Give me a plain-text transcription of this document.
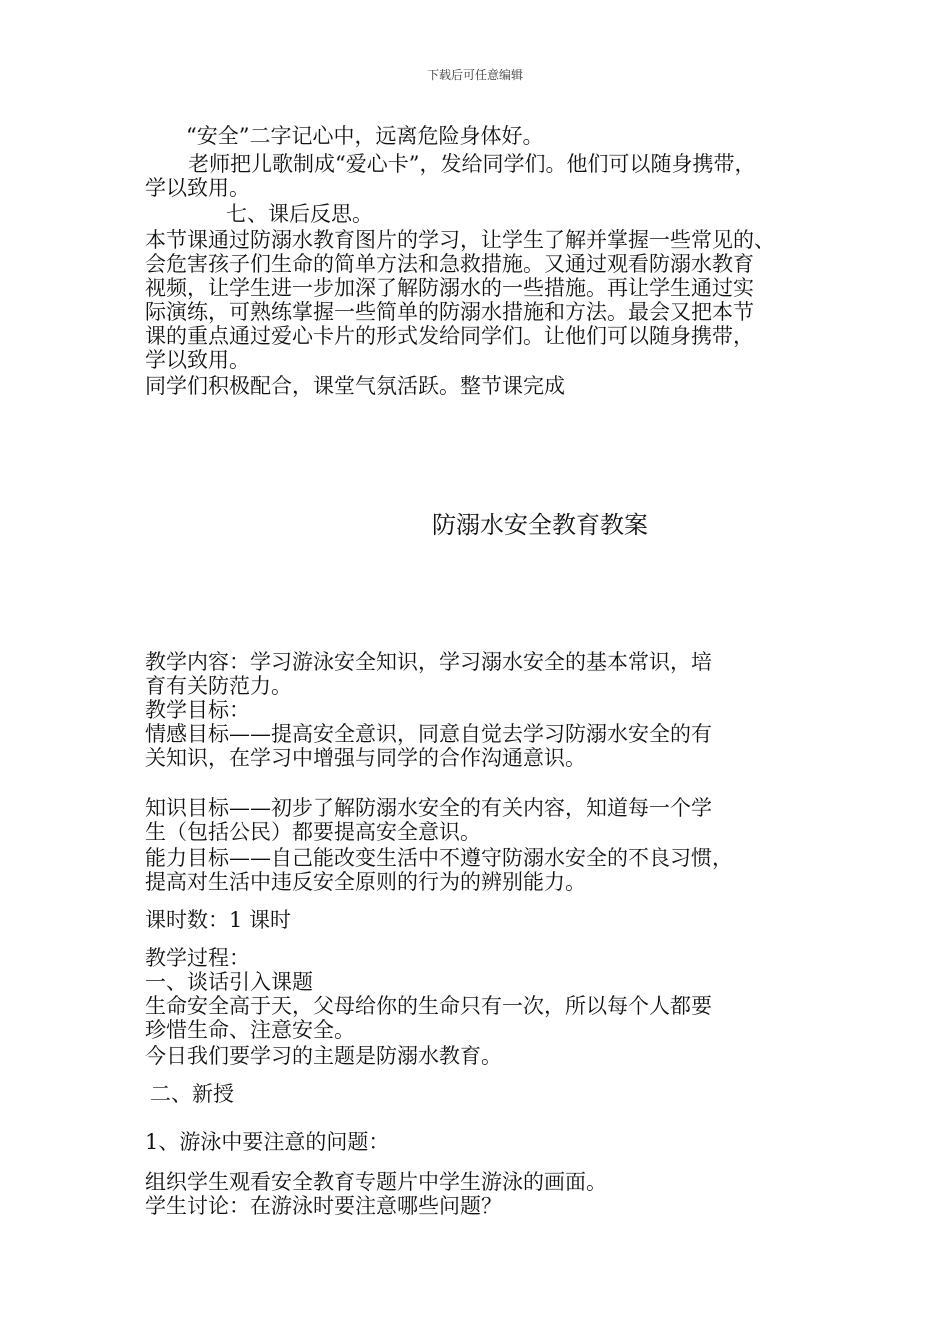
下载后可任意编辑
“安全”二字记心中，远离危险身体好。
老师把儿歌制成“爱心卡”，发给同学们。他们可以随身携带，
学以致用。
七、课后反思。
本节课通过防溺水教育图片的学习，让学生了解并掌握一些常见的、
会危害孩子们生命的简单方法和急救措施。又通过观看防溺水教育
视频，让学生进一步加深了解防溺水的一些措施。再让学生通过实
际演练，可熟练掌握一些简单的防溺水措施和方法。最会又把本节
课的重点通过爱心卡片的形式发给同学们。让他们可以随身携带，
学以致用。
同学们积极配合，课堂气氛活跃。整节课完成
防溺水安全教育教案
教学内容：学习游泳安全知识，学习溺水安全的基本常识，培
育有关防范力。
教学目标：
情感目标——提高安全意识，同意自觉去学习防溺水安全的有
关知识，在学习中增强与同学的合作沟通意识。
知识目标——初步了解防溺水安全的有关内容，知道每一个学
生（包括公民）都要提高安全意识。
能力目标——自己能改变生活中不遵守防溺水安全的不良习惯，
提高对生活中违反安全原则的行为的辨别能力。
课时数：1 课时
教学过程：
一、谈话引入课题
生命安全高于天，父母给你的生命只有一次，所以每个人都要
珍惜生命、注意安全。
今日我们要学习的主题是防溺水教育。
二、新授
1、游泳中要注意的问题：
组织学生观看安全教育专题片中学生游泳的画面。
学生讨论：在游泳时要注意哪些问题？
